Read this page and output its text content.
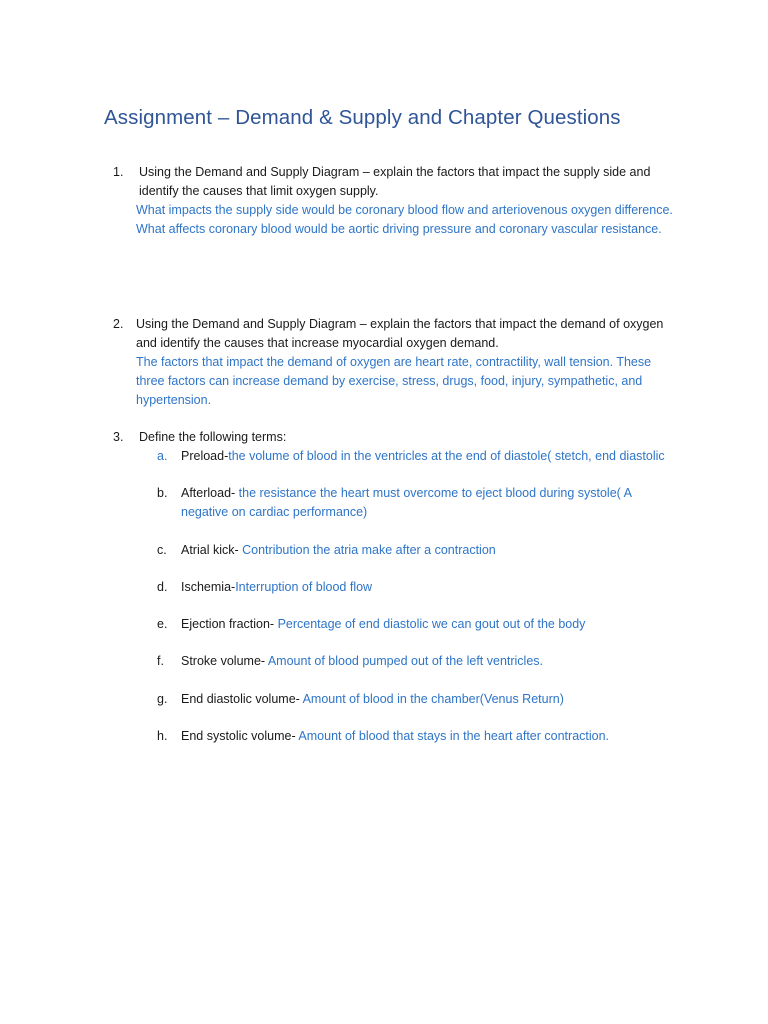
Assignment – Demand & Supply and Chapter Questions
1.	Using the Demand and Supply Diagram – explain the factors that impact the supply side and identify the causes that limit oxygen supply.
What impacts the supply side would be coronary blood flow and arteriovenous oxygen difference. What affects coronary blood would be aortic driving pressure and coronary vascular resistance.
2.	Using the Demand and Supply Diagram – explain the factors that impact the demand of oxygen and identify the causes that increase myocardial oxygen demand.
The factors that impact the demand of oxygen are heart rate, contractility, wall tension. These three factors can increase demand by exercise, stress, drugs, food, injury, sympathetic, and hypertension.
3.	Define the following terms:
a.	Preload-the volume of blood in the ventricles at the end of diastole( stetch, end diastolic
b.	Afterload- the resistance the heart must overcome to eject blood during systole( A negative on cardiac performance)
c.	Atrial kick- Contribution the atria make after a contraction
d.	Ischemia-Interruption of blood flow
e.	Ejection fraction- Percentage of end diastolic we can gout out of the body
f.	Stroke volume- Amount of blood pumped out of the left ventricles.
g.	End diastolic volume- Amount of blood in the chamber(Venus Return)
h.	End systolic volume- Amount of blood that stays in the heart after contraction.
